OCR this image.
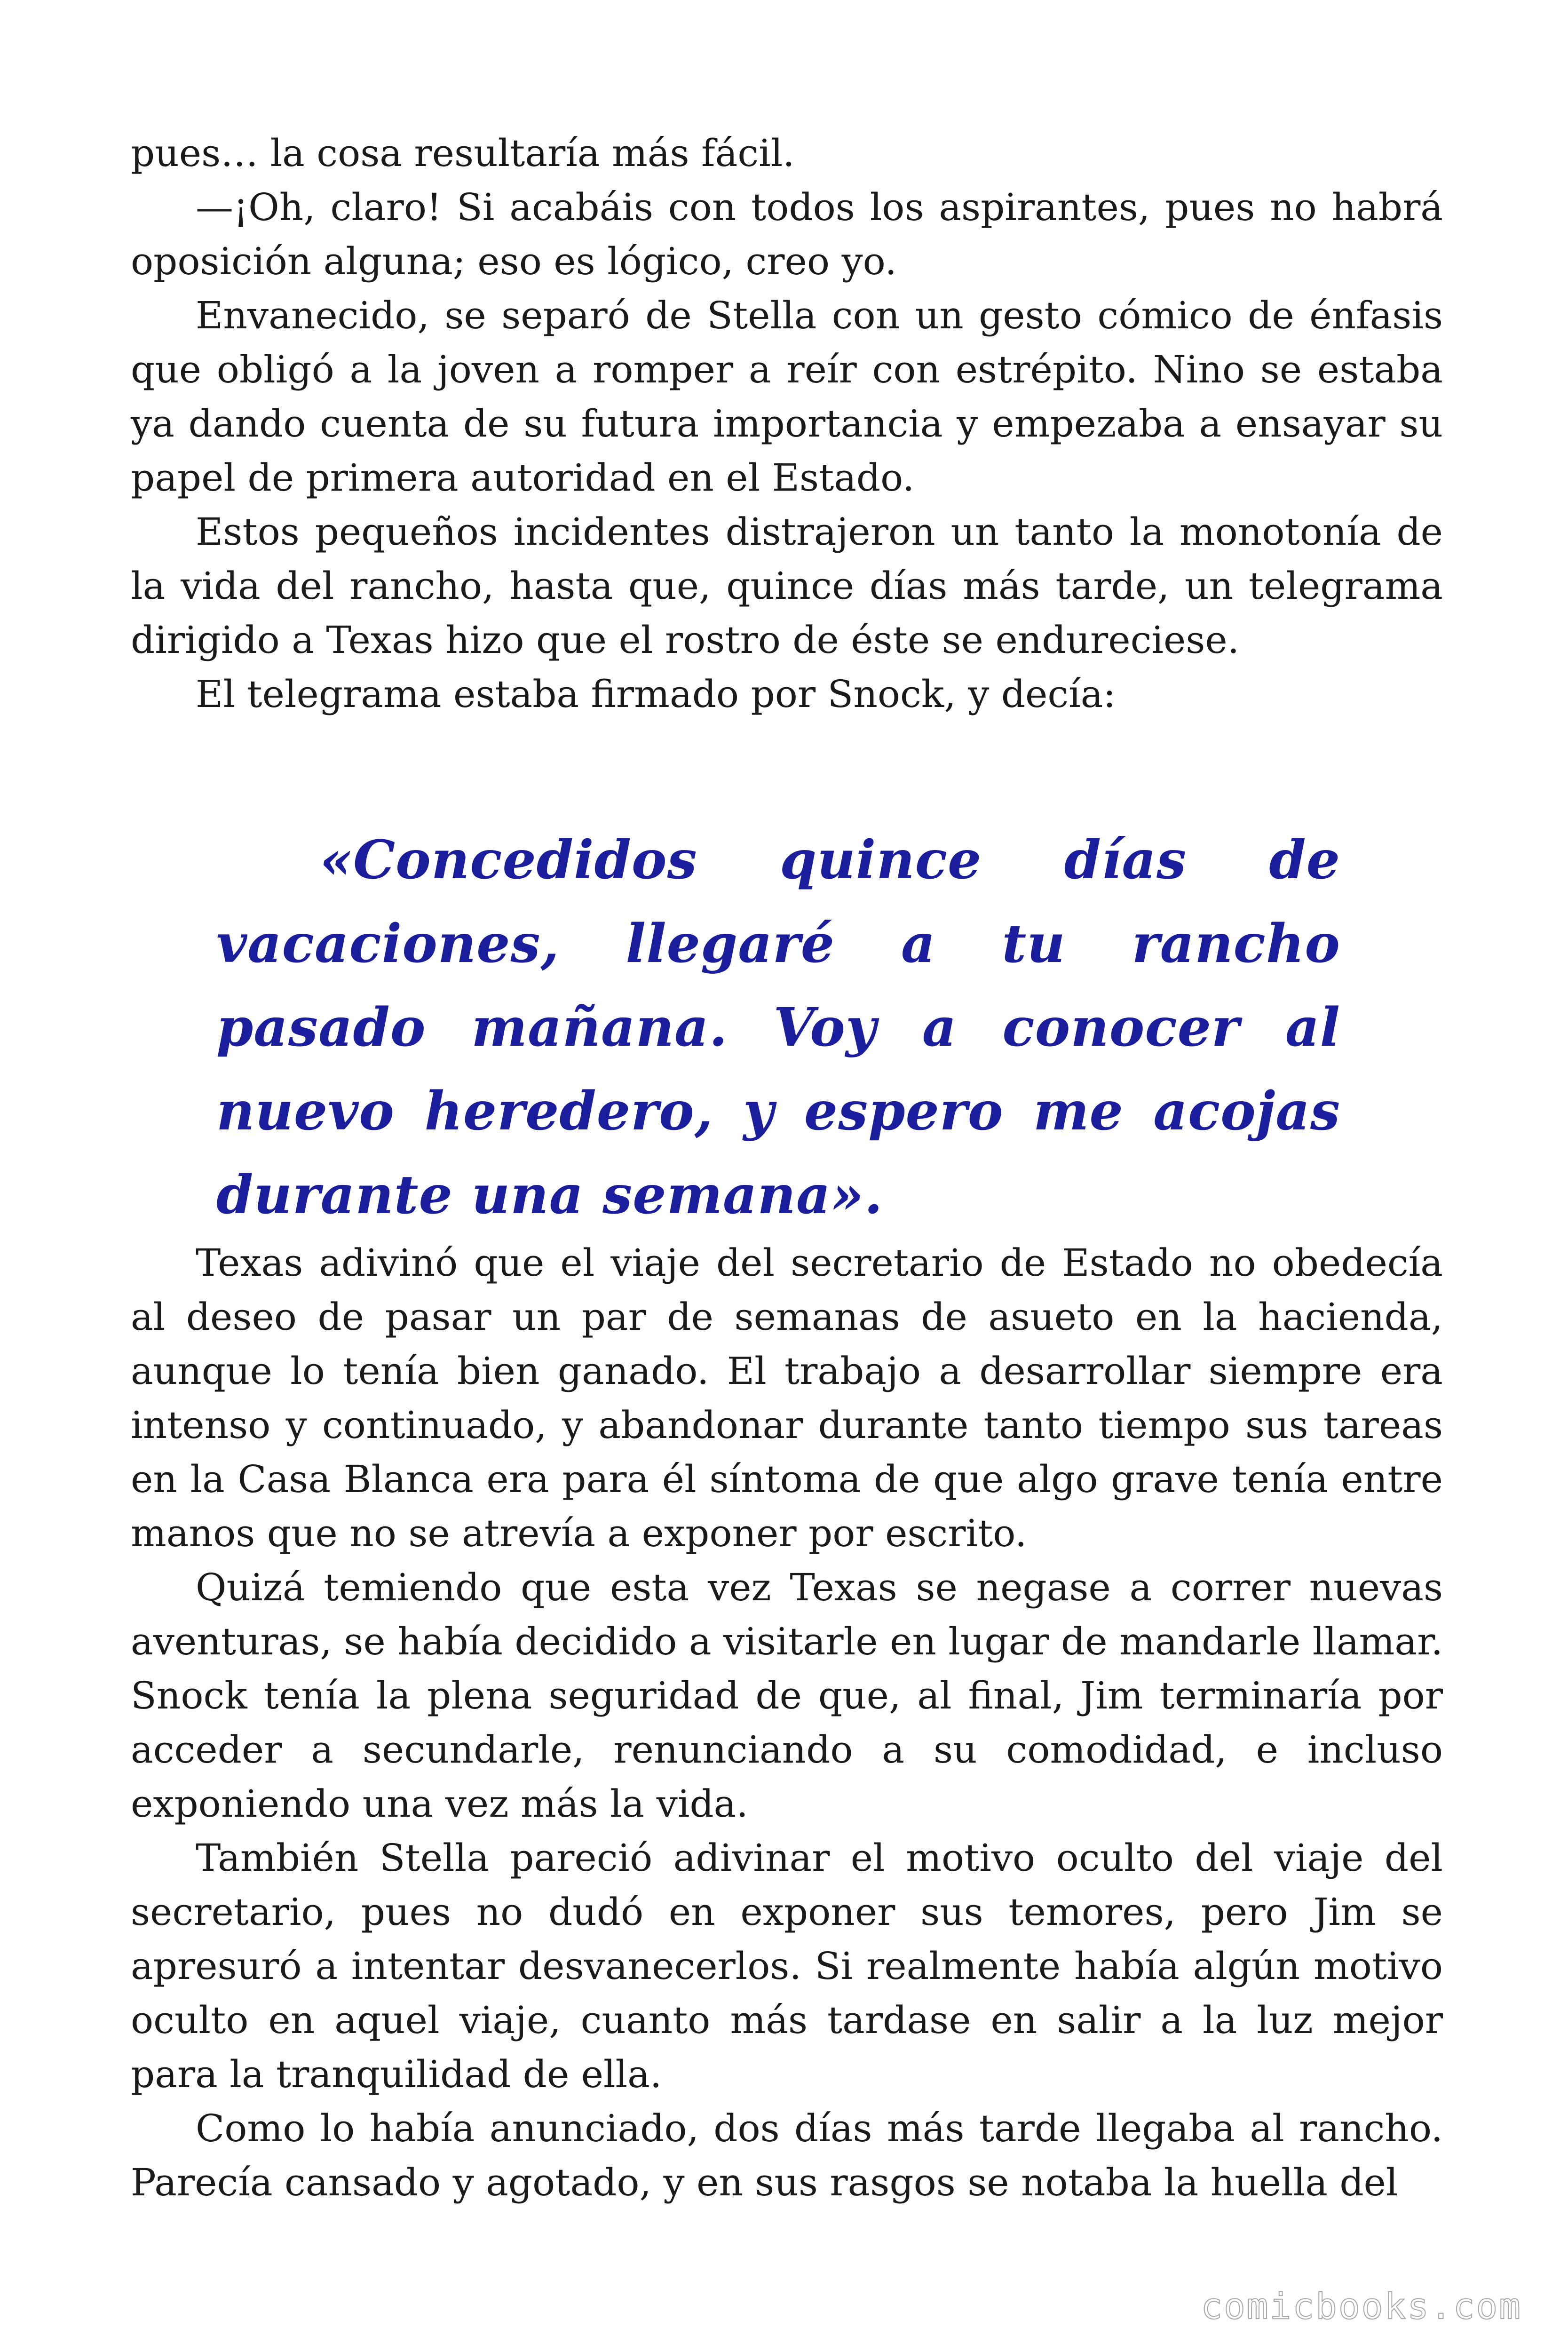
pues… la cosa resultaría más fácil.

—¡Oh, claro! Si acabáis con todos los aspirantes, pues no habrá oposición alguna; eso es lógico, creo yo.

Envanecido, se separó de Stella con un gesto cómico de énfasis que obligó a la joven a romper a reír con estrépito. Nino se estaba ya dando cuenta de su futura importancia y empezaba a ensayar su papel de primera autoridad en el Estado.

Estos pequeños incidentes distrajeron un tanto la monotonía de la vida del rancho, hasta que, quince días más tarde, un telegrama dirigido a Texas hizo que el rostro de éste se endureciese.

El telegrama estaba firmado por Snock, y decía:

«Concedidos quince días de vacaciones, llegaré a tu rancho pasado mañana. Voy a conocer al nuevo heredero, y espero me acojas durante una semana».

Texas adivinó que el viaje del secretario de Estado no obedecía al deseo de pasar un par de semanas de asueto en la hacienda, aunque lo tenía bien ganado. El trabajo a desarrollar siempre era intenso y continuado, y abandonar durante tanto tiempo sus tareas en la Casa Blanca era para él síntoma de que algo grave tenía entre manos que no se atrevía a exponer por escrito.

Quizá temiendo que esta vez Texas se negase a correr nuevas aventuras, se había decidido a visitarle en lugar de mandarle llamar. Snock tenía la plena seguridad de que, al final, Jim terminaría por acceder a secundarle, renunciando a su comodidad, e incluso exponiendo una vez más la vida.

También Stella pareció adivinar el motivo oculto del viaje del secretario, pues no dudó en exponer sus temores, pero Jim se apresuró a intentar desvanecerlos. Si realmente había algún motivo oculto en aquel viaje, cuanto más tardase en salir a la luz mejor para la tranquilidad de ella.

Como lo había anunciado, dos días más tarde llegaba al rancho. Parecía cansado y agotado, y en sus rasgos se notaba la huella del

comicbooks.com
